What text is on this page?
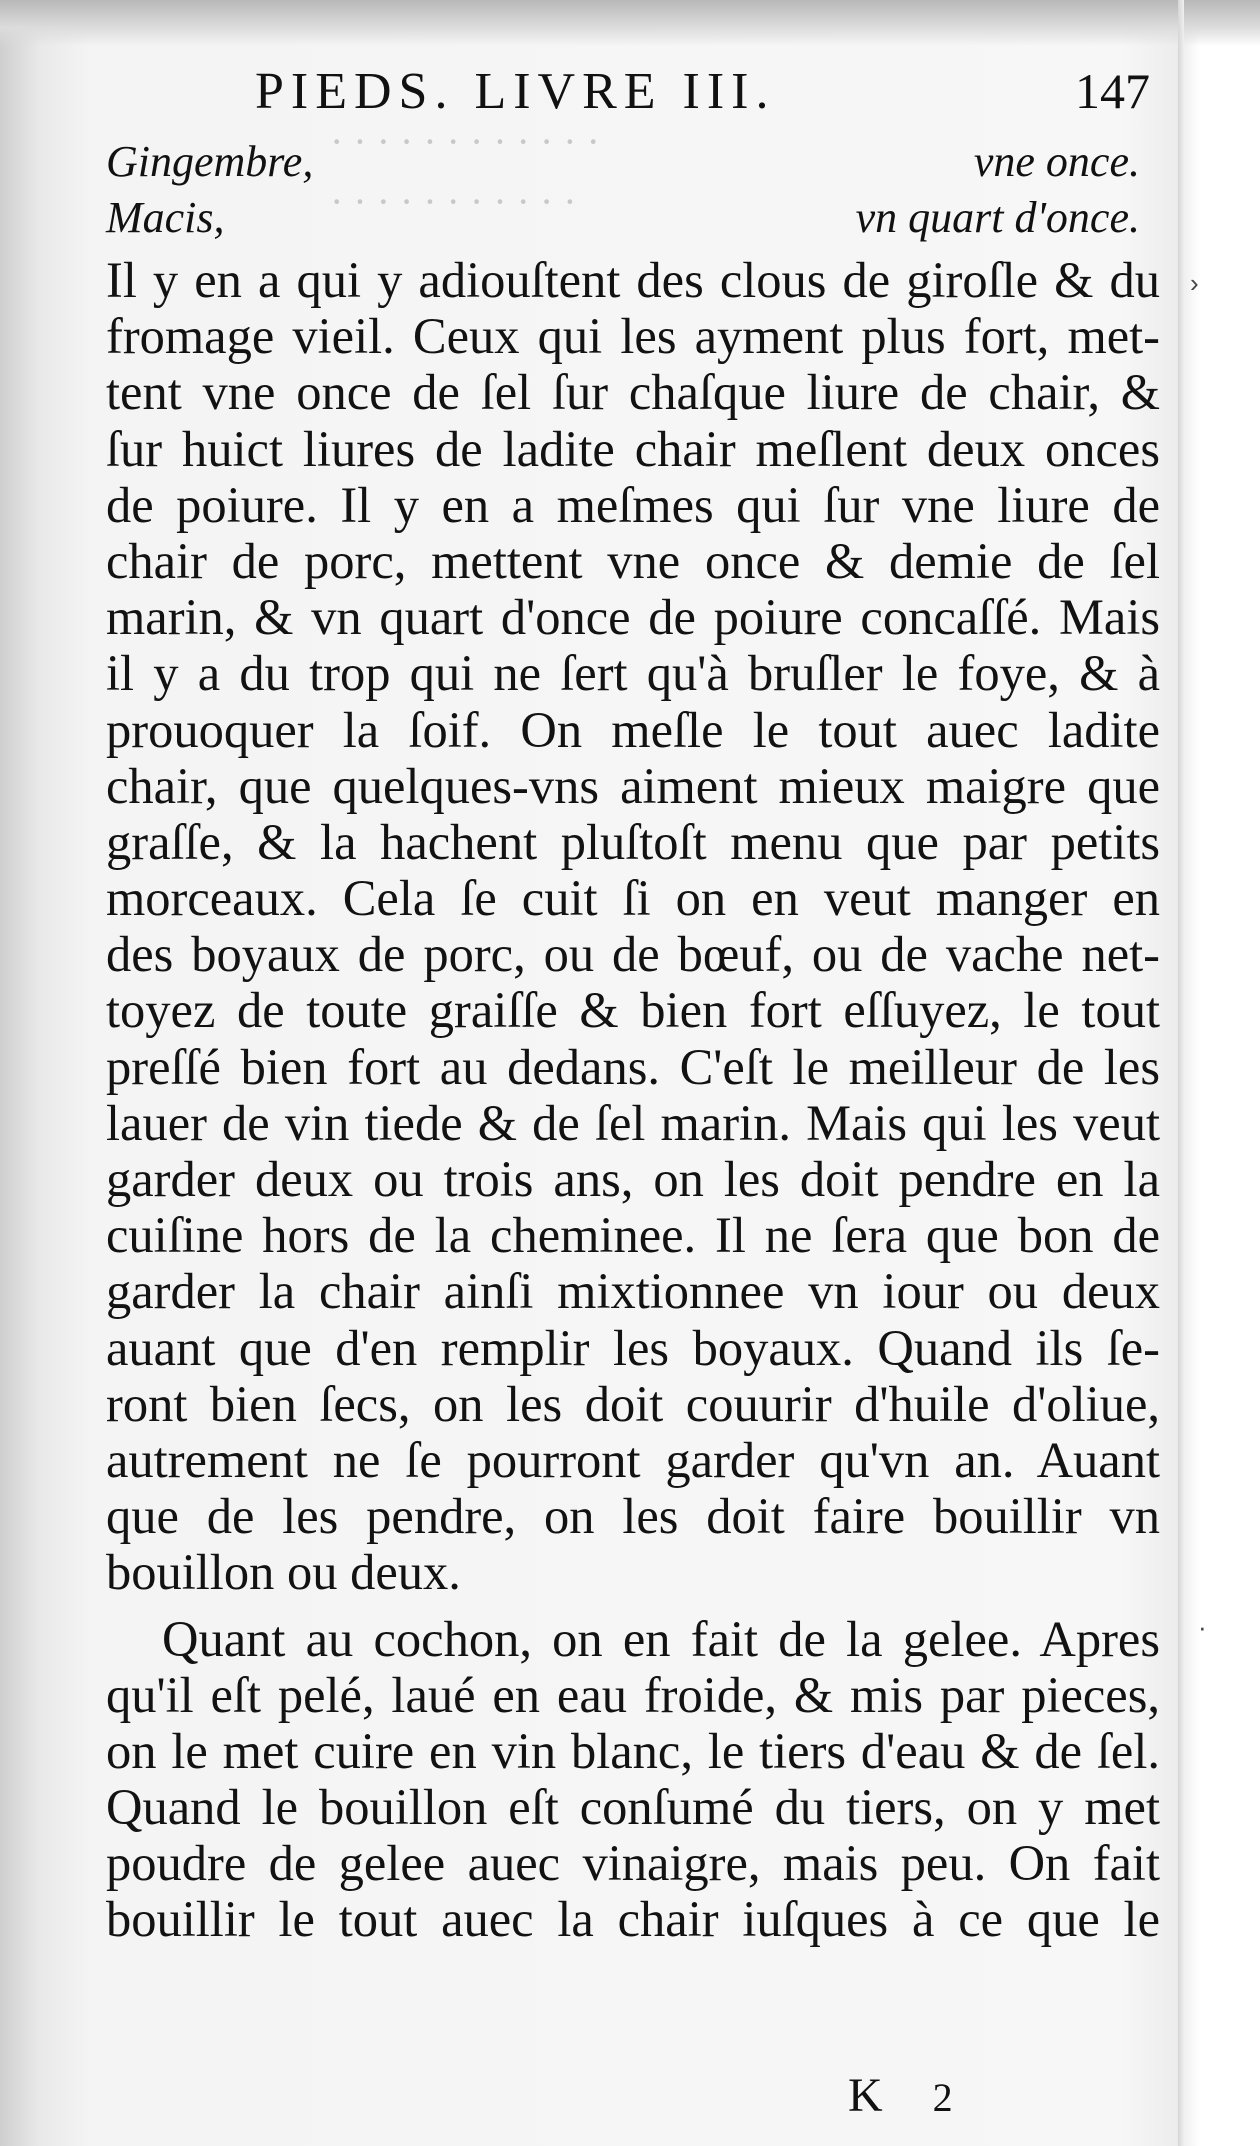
· · · · · · · · · · · ·
· · · · · · · · · · ·
PIEDS. LIVRE III.	147
Gingembre,	vne once.
Macis,	vn quart d'once.
Il y en a qui y adiouſtent des clous de giroſle & du
fromage vieil. Ceux qui les ayment plus fort, met-
tent vne once de ſel ſur chaſque liure de chair, &
ſur huict liures de ladite chair meſlent deux onces
de poiure. Il y en a meſmes qui ſur vne liure de
chair de porc, mettent vne once & demie de ſel
marin, & vn quart d'once de poiure concaſſé. Mais
il y a du trop qui ne ſert qu'à bruſler le foye, & à
prouoquer la ſoif. On meſle le tout auec ladite
chair, que quelques-vns aiment mieux maigre que
graſſe, & la hachent pluſtoſt menu que par petits
morceaux. Cela ſe cuit ſi on en veut manger en
des boyaux de porc, ou de bœuf, ou de vache net-
toyez de toute graiſſe & bien fort eſſuyez, le tout
preſſé bien fort au dedans. C'eſt le meilleur de les
lauer de vin tiede & de ſel marin. Mais qui les veut
garder deux ou trois ans, on les doit pendre en la
cuiſine hors de la cheminee. Il ne ſera que bon de
garder la chair ainſi mixtionnee vn iour ou deux
auant que d'en remplir les boyaux. Quand ils ſe-
ront bien ſecs, on les doit couurir d'huile d'oliue,
autrement ne ſe pourront garder qu'vn an. Auant
que de les pendre, on les doit faire bouillir vn
bouillon ou deux.
Quant au cochon, on en fait de la gelee. Apres
qu'il eſt pelé, laué en eau froide, & mis par pieces,
on le met cuire en vin blanc, le tiers d'eau & de ſel.
Quand le bouillon eſt conſumé du tiers, on y met
poudre de gelee auec vinaigre, mais peu. On fait
bouillir le tout auec la chair iuſques à ce que le
›
·
K 2
